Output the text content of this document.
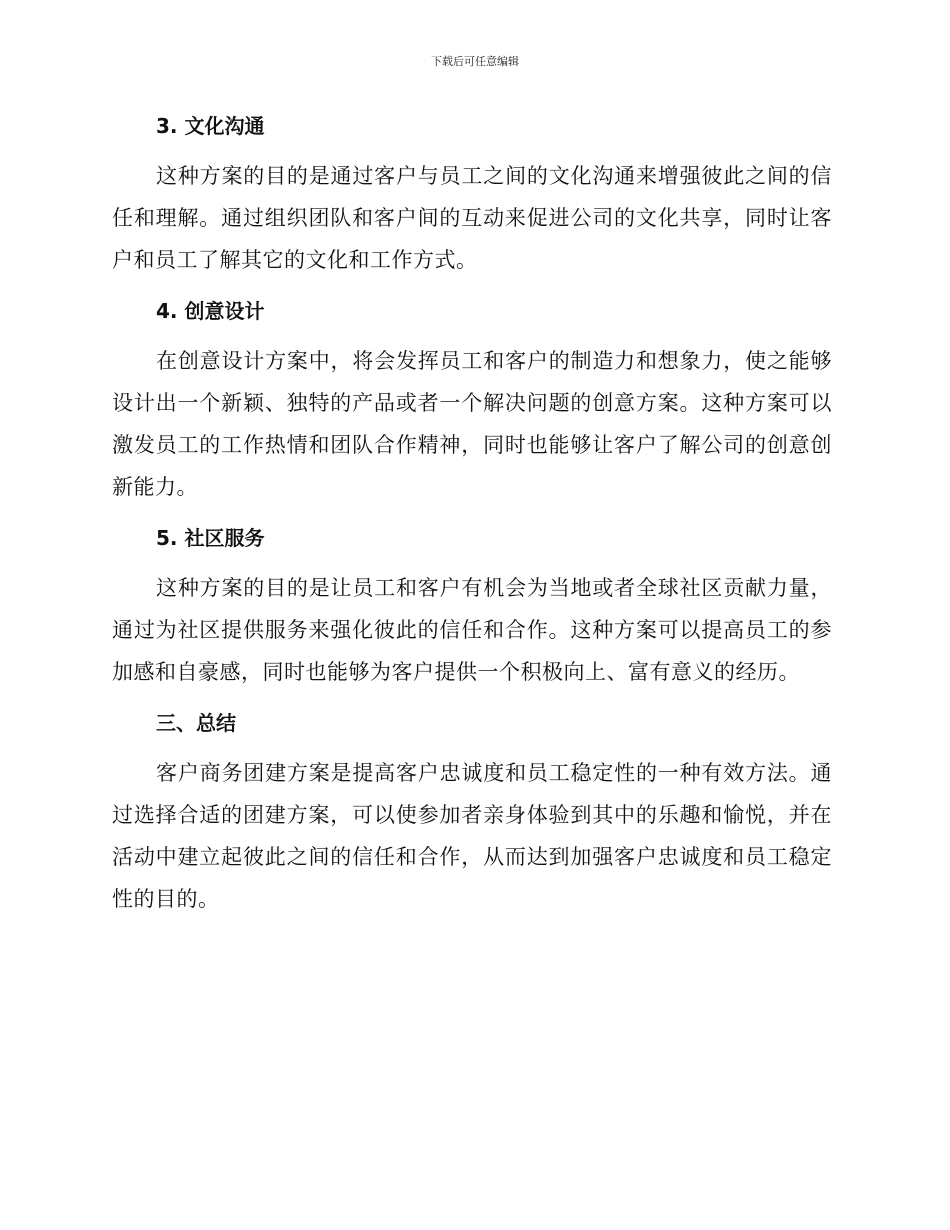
下载后可任意编辑
3. 文化沟通

这种方案的目的是通过客户与员工之间的文化沟通来增强彼此之间的信任和理解。通过组织团队和客户间的互动来促进公司的文化共享，同时让客户和员工了解其它的文化和工作方式。

4. 创意设计

在创意设计方案中，将会发挥员工和客户的制造力和想象力，使之能够设计出一个新颖、独特的产品或者一个解决问题的创意方案。这种方案可以激发员工的工作热情和团队合作精神，同时也能够让客户了解公司的创意创新能力。

5. 社区服务

这种方案的目的是让员工和客户有机会为当地或者全球社区贡献力量，通过为社区提供服务来强化彼此的信任和合作。这种方案可以提高员工的参加感和自豪感，同时也能够为客户提供一个积极向上、富有意义的经历。

三、总结

客户商务团建方案是提高客户忠诚度和员工稳定性的一种有效方法。通过选择合适的团建方案，可以使参加者亲身体验到其中的乐趣和愉悦，并在活动中建立起彼此之间的信任和合作，从而达到加强客户忠诚度和员工稳定性的目的。
